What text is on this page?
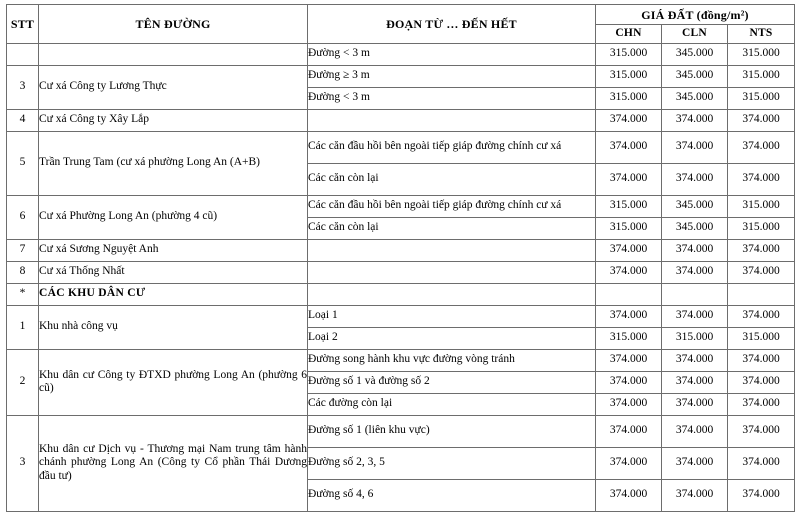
STT	TÊN ĐƯỜNG	ĐOẠN TỪ … ĐẾN HẾT	GIÁ ĐẤT (đồng/m²)		
			CHN	CLN	NTS
		Đường < 3 m	315.000	345.000	315.000
3	Cư xá Công ty Lương Thực	Đường ≥ 3 m	315.000	345.000	315.000
		Đường < 3 m	315.000	345.000	315.000
4	Cư xá Công ty Xây Lắp		374.000	374.000	374.000
5	Trần Trung Tam (cư xá phường Long An (A+B)	Các căn đầu hồi bên ngoài tiếp giáp đường chính cư xá	374.000	374.000	374.000
		Các căn còn lại	374.000	374.000	374.000
6	Cư xá Phường Long An (phường 4 cũ)	Các căn đầu hồi bên ngoài tiếp giáp đường chính cư xá	315.000	345.000	315.000
		Các căn còn lại	315.000	345.000	315.000
7	Cư xá Sương Nguyệt Anh		374.000	374.000	374.000
8	Cư xá Thống Nhất		374.000	374.000	374.000
*	CÁC KHU DÂN CƯ				
1	Khu nhà công vụ	Loại 1	374.000	374.000	374.000
		Loại 2	315.000	315.000	315.000
2	Khu dân cư Công ty ĐTXD phường Long An (phường 6 cũ)	Đường song hành khu vực đường vòng tránh	374.000	374.000	374.000
		Đường số 1 và đường số 2	374.000	374.000	374.000
		Các đường còn lại	374.000	374.000	374.000
3	Khu dân cư Dịch vụ - Thương mại Nam trung tâm hành chánh phường Long An (Công ty Cổ phần Thái Dương đầu tư)	Đường số 1 (liên khu vực)	374.000	374.000	374.000
		Đường số 2, 3, 5	374.000	374.000	374.000
		Đường số 4, 6	374.000	374.000	374.000
